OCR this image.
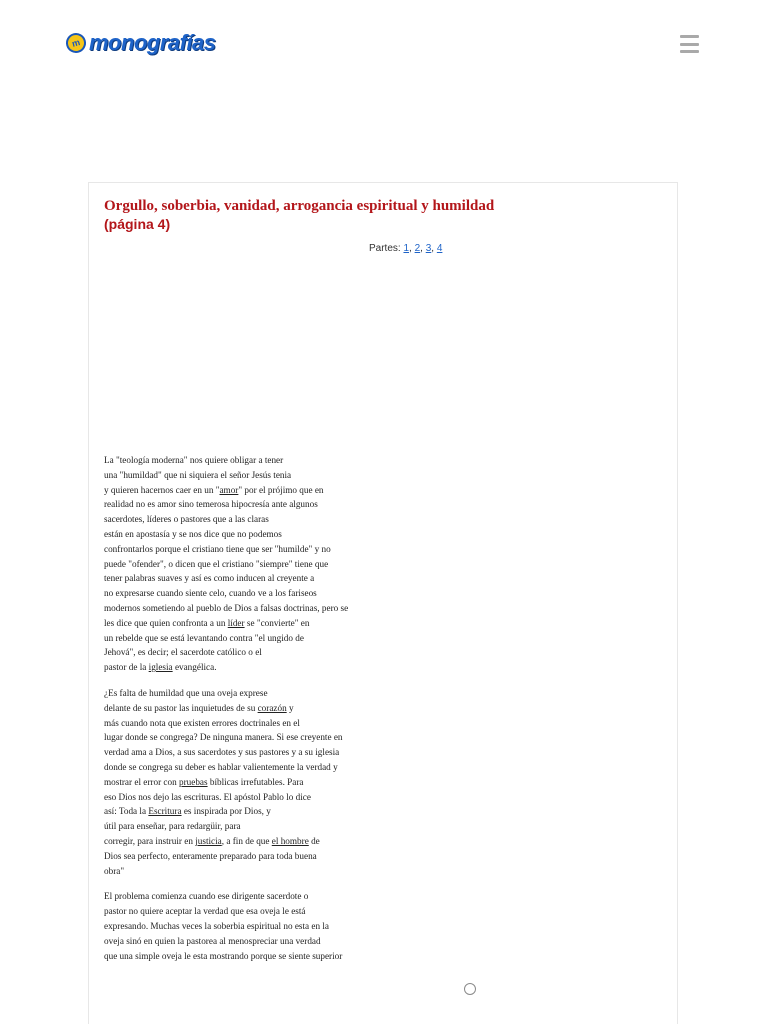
m monografías
Orgullo, soberbia, vanidad, arrogancia espiritual y humildad
(página 4)
Partes: 1, 2, 3, 4

La "teología moderna" nos quiere obligar a tener
una "humildad" que ni siquiera el señor Jesús tenia
y quieren hacernos caer en un "amor" por el prójimo que en
realidad no es amor sino temerosa hipocresía ante algunos
sacerdotes, líderes o pastores que a las claras
están en apostasía y se nos dice que no podemos
confrontarlos porque el cristiano tiene que ser "humilde" y no
puede "ofender", o dicen que el cristiano "siempre" tiene que
tener palabras suaves y así es como inducen al creyente a
no expresarse cuando siente celo, cuando ve a los fariseos
modernos sometiendo al pueblo de Dios a falsas doctrinas, pero se
les dice que quien confronta a un líder se "convierte" en
un rebelde que se está levantando contra "el ungido de
Jehová", es decir; el sacerdote católico o el
pastor de la iglesia evangélica.

¿Es falta de humildad que una oveja exprese
delante de su pastor las inquietudes de su corazón y
más cuando nota que existen errores doctrinales en el
lugar donde se congrega? De ninguna manera. Si ese creyente en
verdad ama a Dios, a sus sacerdotes y sus pastores y a su iglesia
donde se congrega su deber es hablar valientemente la verdad y
mostrar el error con pruebas bíblicas irrefutables. Para
eso Dios nos dejo las escrituras. El apóstol Pablo lo dice
así: Toda la Escritura es inspirada por Dios, y
útil para enseñar, para redargüir, para
corregir, para instruir en justicia, a fin de que el hombre de
Dios sea perfecto, enteramente preparado para toda buena
obra"

El problema comienza cuando ese dirigente sacerdote o
pastor no quiere aceptar la verdad que esa oveja le está
expresando. Muchas veces la soberbia espiritual no esta en la
oveja sinó en quien la pastorea al menospreciar una verdad
que una simple oveja le esta mostrando porque se siente superior
